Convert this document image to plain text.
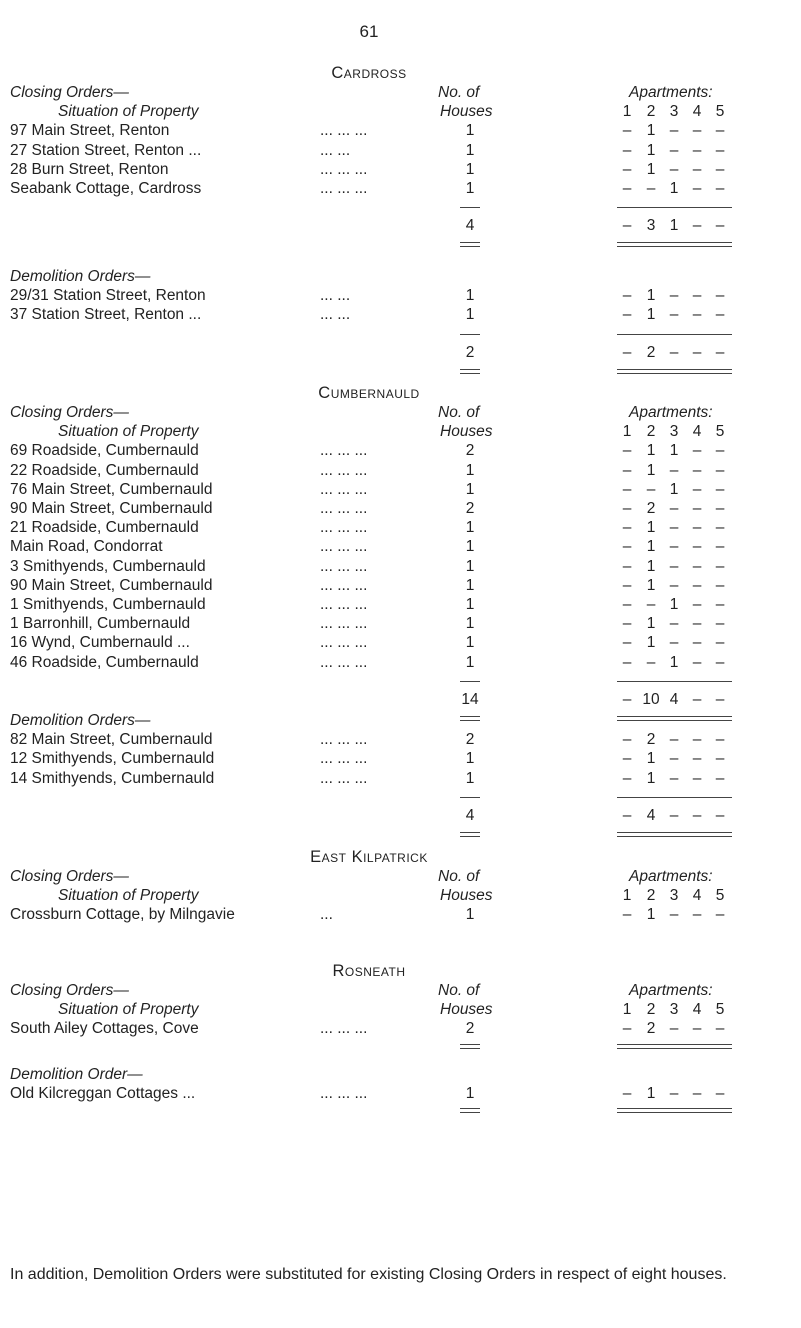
61
Cardross
Closing Orders—	No. of	Apartments:
Situation of Property	Houses	1 2 3 4 5
97 Main Street, Renton	... ... ...	1	– 1 – – –
27 Station Street, Renton ...	... ...	1	– 1 – – –
28 Burn Street, Renton	... ... ...	1	– 1 – – –
Seabank Cottage, Cardross	... ... ...	1	– – 1 – –
4	– 3 1 – –
Demolition Orders—
29/31 Station Street, Renton	... ...	1	– 1 – – –
37 Station Street, Renton ...	... ...	1	– 1 – – –
2	– 2 – – –
Cumbernauld
Closing Orders—	No. of	Apartments:
Situation of Property	Houses	1 2 3 4 5
69 Roadside, Cumbernauld	... ... ...	2	– 1 1 – –
22 Roadside, Cumbernauld	... ... ...	1	– 1 – – –
76 Main Street, Cumbernauld	... ... ...	1	– – 1 – –
90 Main Street, Cumbernauld	... ... ...	2	– 2 – – –
21 Roadside, Cumbernauld	... ... ...	1	– 1 – – –
Main Road, Condorrat	... ... ...	1	– 1 – – –
3 Smithyends, Cumbernauld	... ... ...	1	– 1 – – –
90 Main Street, Cumbernauld	... ... ...	1	– 1 – – –
1 Smithyends, Cumbernauld	... ... ...	1	– – 1 – –
1 Barronhill, Cumbernauld	... ... ...	1	– 1 – – –
16 Wynd, Cumbernauld ...	... ... ...	1	– 1 – – –
46 Roadside, Cumbernauld	... ... ...	1	– – 1 – –
14	– 10 4 – –
Demolition Orders—
82 Main Street, Cumbernauld	... ... ...	2	– 2 – – –
12 Smithyends, Cumbernauld	... ... ...	1	– 1 – – –
14 Smithyends, Cumbernauld	... ... ...	1	– 1 – – –
4	– 4 – – –
East Kilpatrick
Closing Orders—	No. of	Apartments:
Situation of Property	Houses	1 2 3 4 5
Crossburn Cottage, by Milngavie	...	1	– 1 – – –
Rosneath
Closing Orders—	No. of	Apartments:
Situation of Property	Houses	1 2 3 4 5
South Ailey Cottages, Cove	... ... ...	2	– 2 – – –
Demolition Order—
Old Kilcreggan Cottages ...	... ... ...	1	– 1 – – –
In addition, Demolition Orders were substituted for existing Closing Orders in respect of eight houses.
